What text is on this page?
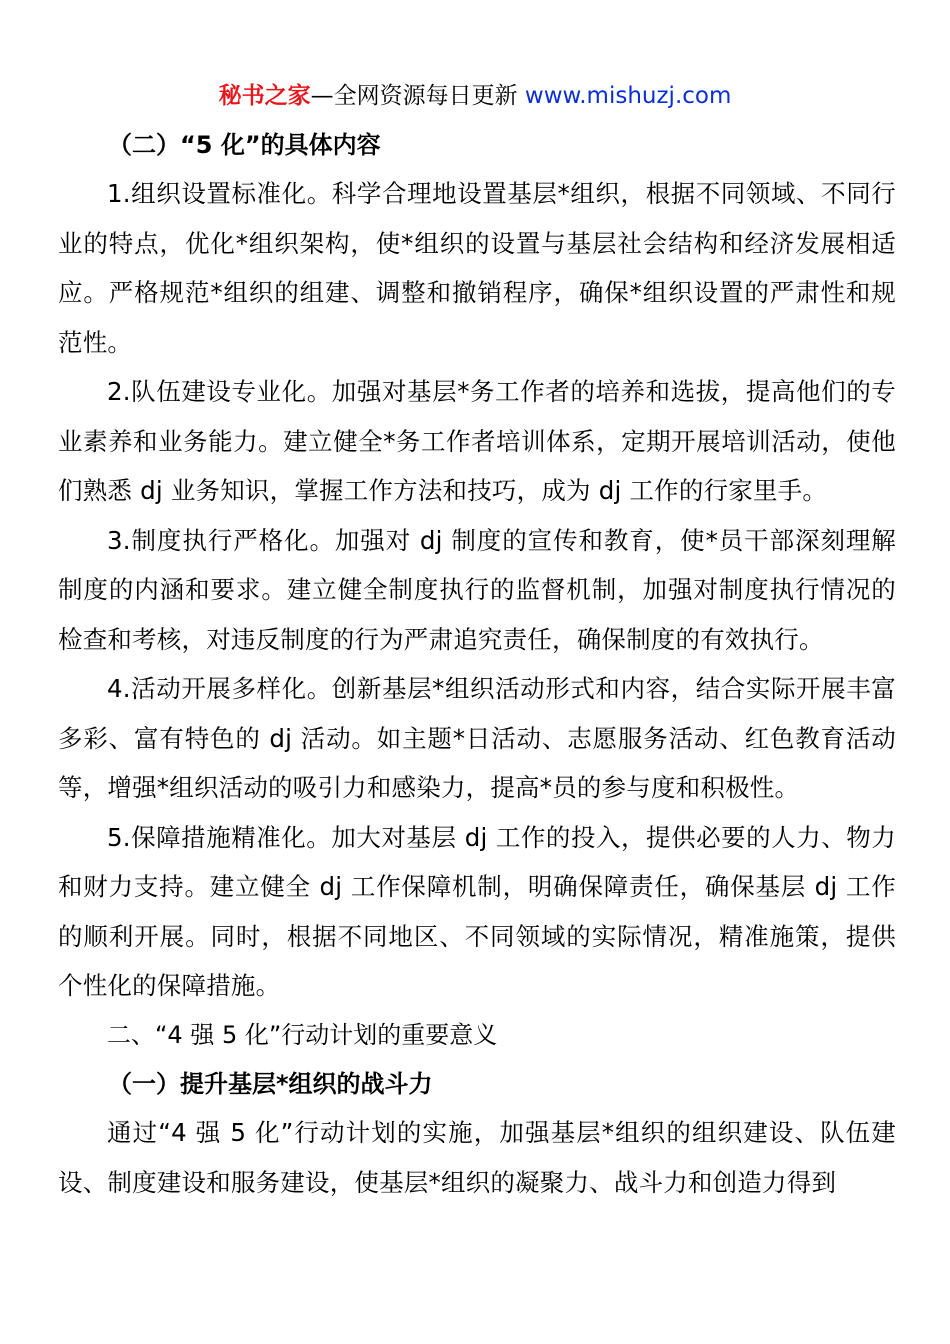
秘书之家—全网资源每日更新 www.mishuzj.com
（二）“5 化”的具体内容

1.组织设置标准化。科学合理地设置基层*组织，根据不同领域、不同行业的特点，优化*组织架构，使*组织的设置与基层社会结构和经济发展相适应。严格规范*组织的组建、调整和撤销程序，确保*组织设置的严肃性和规范性。

2.队伍建设专业化。加强对基层*务工作者的培养和选拔，提高他们的专业素养和业务能力。建立健全*务工作者培训体系，定期开展培训活动，使他们熟悉 dj 业务知识，掌握工作方法和技巧，成为 dj 工作的行家里手。

3.制度执行严格化。加强对 dj 制度的宣传和教育，使*员干部深刻理解制度的内涵和要求。建立健全制度执行的监督机制，加强对制度执行情况的检查和考核，对违反制度的行为严肃追究责任，确保制度的有效执行。

4.活动开展多样化。创新基层*组织活动形式和内容，结合实际开展丰富多彩、富有特色的 dj 活动。如主题*日活动、志愿服务活动、红色教育活动等，增强*组织活动的吸引力和感染力，提高*员的参与度和积极性。

5.保障措施精准化。加大对基层 dj 工作的投入，提供必要的人力、物力和财力支持。建立健全 dj 工作保障机制，明确保障责任，确保基层 dj 工作的顺利开展。同时，根据不同地区、不同领域的实际情况，精准施策，提供个性化的保障措施。

二、“4 强 5 化”行动计划的重要意义
（一）提升基层*组织的战斗力

通过“4 强 5 化”行动计划的实施，加强基层*组织的组织建设、队伍建设、制度建设和服务建设，使基层*组织的凝聚力、战斗力和创造力得到
